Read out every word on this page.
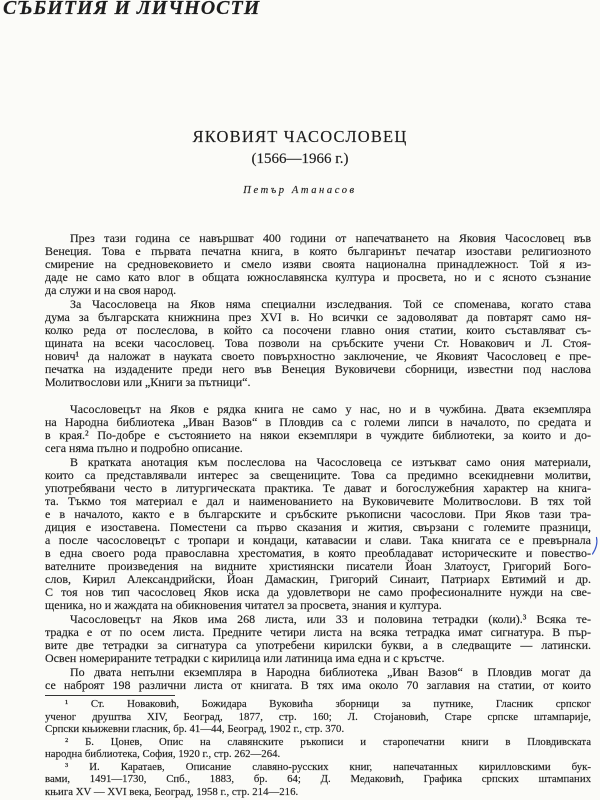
СЪБИТИЯ И ЛИЧНОСТИ
ЯКОВИЯТ ЧАСОСЛОВЕЦ
(1566—1966 г.)
Петър Атанасов
През тази година се навършват 400 години от напечатването на Яковия Часословец във
Венеция. Това е първата печатна книга, в която българинът печатар изостави религиозното
смирение на средновековието и смело изяви своята национална принадлежност. Той я из-
даде не само като влог в общата южнославянска култура и просвета, но и с ясното съзнание
да служи и на своя народ.
За Часословеца на Яков няма специални изследвания. Той се споменава, когато става
дума за българската книжнина през XVI в. Но всички се задоволяват да повтарят само ня-
колко реда от послеслова, в който са посочени главно ония статии, които съставляват съ-
щината на всеки часословец. Това позволи на сръбските учени Ст. Новакович и Л. Стоя-
нович¹ да наложат в науката своето повърхностно заключение, че Яковият Часословец е пре-
печатка на издадените преди него във Венеция Вуковичеви сборници, известни под наслова
Молитвослови или „Книги за пътници“.
Часословецът на Яков е рядка книга не само у нас, но и в чужбина. Двата екземпляра
на Народна библиотека „Иван Вазов“ в Пловдив са с големи липси в началото, по средата и
в края.² По-добре е състоянието на някои екземпляри в чуждите библиотеки, за които и до-
сега няма пълно и подробно описание.
В кратката анотация към послеслова на Часословеца се изтъкват само ония материали,
които са представлявали интерес за свещениците. Това са предимно всекидневни молитви,
употребявани често в литургическата практика. Те дават и богослужебния характер на книга-
та. Тъкмо тоя материал е дал и наименованието на Вуковичевите Молитвослови. В тях той
е в началото, както е в българските и сръбските ръкописни часослови. При Яков тази тра-
диция е изоставена. Поместени са първо сказания и жития, свързани с големите празници,
а после часословецът с тропари и кондаци, катавасии и слави. Така книгата се е превърнала
в една своего рода православна хрестоматия, в която преобладават историческите и повество-
вателните произведения на видните християнски писатели Йоан Златоуст, Григорий Бого-
слов, Кирил Александрийски, Йоан Дамаскин, Григорий Синаит, Патриарх Евтимий и др.
С тоя нов тип часословец Яков иска да удовлетвори не само професионалните нужди на све-
щеника, но и жаждата на обикновения читател за просвета, знания и култура.
Часословецът на Яков има 268 листа, или 33 и половина тетрадки (коли).³ Всяка те-
традка е от по осем листа. Предните четири листа на всяка тетрадка имат сигнатура. В пър-
вите две тетрадки за сигнатура са употребени кирилски букви, а в следващите — латински.
Освен номерираните тетрадки с кирилица или латиница има една и с кръстче.
По двата непълни екземпляра в Народна библиотека „Иван Вазов“ в Пловдив могат да
се наброят 198 различни листа от книгата. В тях има около 70 заглавия на статии, от които
¹ Ст. Новаковић, Божидара Вуковића зборници за путнике, Гласник српског
ученог друштва XIV, Београд, 1877, стр. 160; Л. Стојановић, Старе српске штампарије,
Српски књижевни гласник, бр. 41—44, Београд, 1902 г., стр. 370.
² Б. Цонев, Опис на славянските ръкописи и старопечатни книги в Пловдивската
народна библиотека, София, 1920 г., стр. 262—264.
³ И. Каратаев, Описание славяно-русских книг, напечатанных кирилловскими бук-
вами, 1491—1730, Спб., 1883, бр. 64; Д. Медаковић, Графика српских штампаних
књига XV — XVI века, Београд, 1958 г., стр. 214—216.
